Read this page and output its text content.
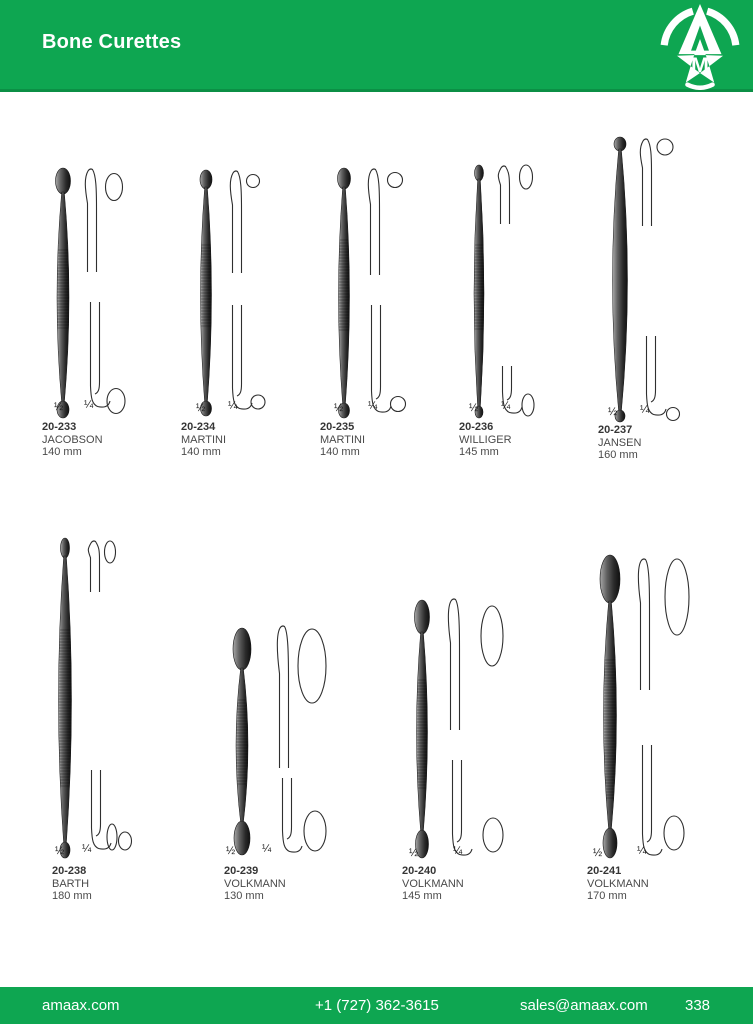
Bone Curettes
M
½ ¼
20-233
JACOBSON
140 mm
½ ¼
20-234
MARTINI
140 mm
½ ¼
20-235
MARTINI
140 mm
½ ¼
20-236
WILLIGER
145 mm
½ ¼
20-237
JANSEN
160 mm
½ ¼
20-238
BARTH
180 mm
½ ¼
20-239
VOLKMANN
130 mm
½	¼
20-240
VOLKMANN
145 mm
½	¼
20-241
VOLKMANN
170 mm
amaax.com	+1 (727) 362-3615	sales@amaax.com 338
